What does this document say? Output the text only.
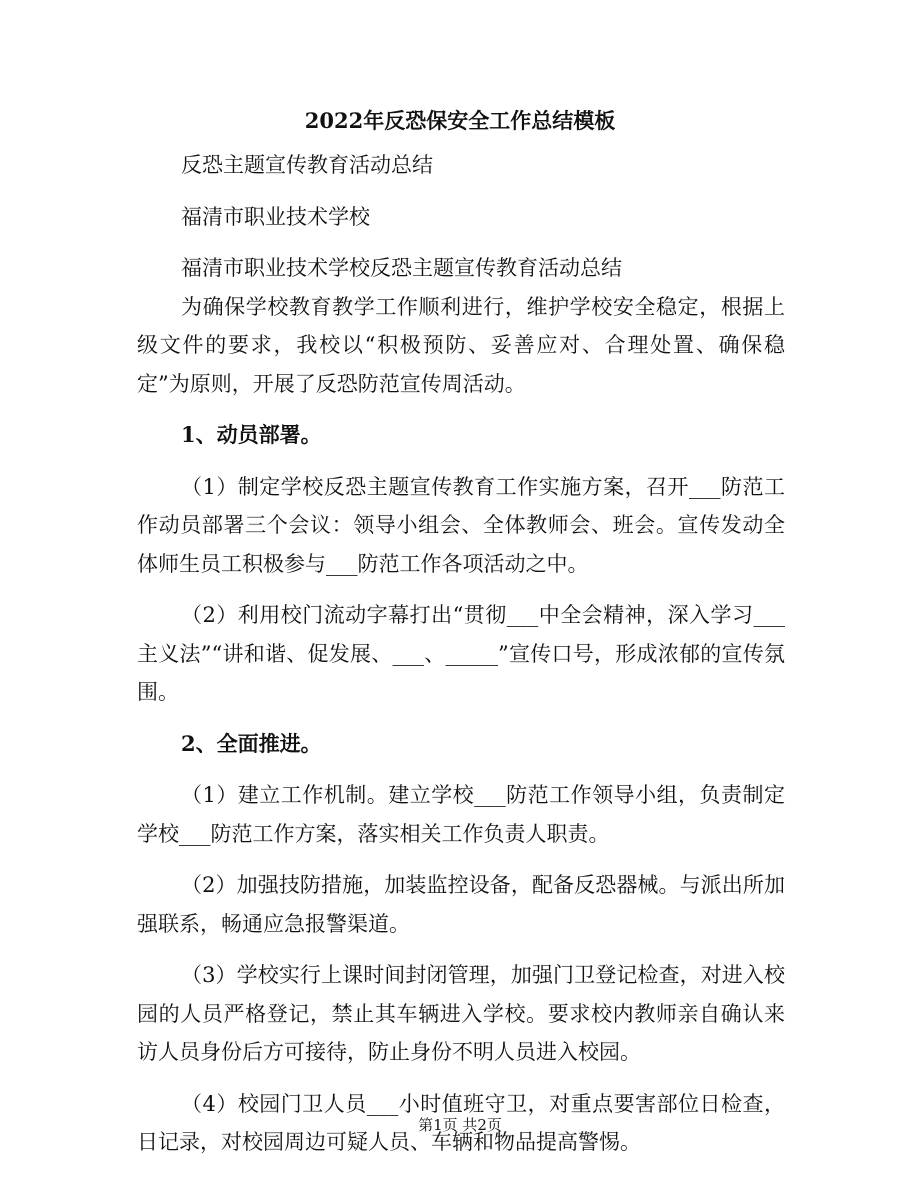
2022年反恐保安全工作总结模板

反恐主题宣传教育活动总结

福清市职业技术学校

福清市职业技术学校反恐主题宣传教育活动总结

为确保学校教育教学工作顺利进行，维护学校安全稳定，根据上级文件的要求，我校以“积极预防、妥善应对、合理处置、确保稳定”为原则，开展了反恐防范宣传周活动。

1、动员部署。

（1）制定学校反恐主题宣传教育工作实施方案，召开___防范工作动员部署三个会议：领导小组会、全体教师会、班会。宣传发动全体师生员工积极参与___防范工作各项活动之中。

（2）利用校门流动字幕打出“贯彻___中全会精神，深入学习___主义法”“讲和谐、促发展、___、_____”宣传口号，形成浓郁的宣传氛围。

2、全面推进。

（1）建立工作机制。建立学校___防范工作领导小组，负责制定学校___防范工作方案，落实相关工作负责人职责。

（2）加强技防措施，加装监控设备，配备反恐器械。与派出所加强联系，畅通应急报警渠道。

（3）学校实行上课时间封闭管理，加强门卫登记检查，对进入校园的人员严格登记，禁止其车辆进入学校。要求校内教师亲自确认来访人员身份后方可接待，防止身份不明人员进入校园。

（4）校园门卫人员___小时值班守卫，对重点要害部位日检查，日记录，对校园周边可疑人员、车辆和物品提高警惕。

第1页 共2页
